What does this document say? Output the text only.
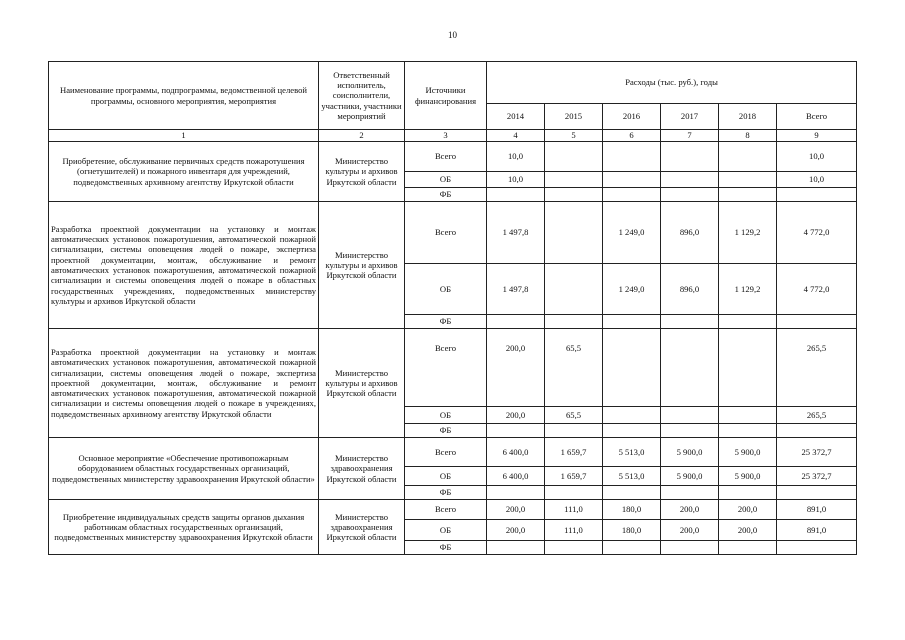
10
Наименование программы, подпрограммы, ведомственной целевой программы, основного мероприятия, мероприятия	Ответственный исполнитель, соисполнители, участники, участники мероприятий	Источники финансирования	Расходы (тыс. руб.), годы					
			2014	2015	2016	2017	2018	Всего
1	2	3	4	5	6	7	8	9
Приобретение, обслуживание первичных средств пожаротушения (огнетушителей) и пожарного инвентаря для учреждений, подведомственных архивному агентству Иркутской области	Министерство культуры и архивов Иркутской области	Всего	10,0					10,0
		ОБ	10,0					10,0
		ФБ						
Разработка проектной документации на установку и монтаж автоматических установок пожаротушения, автоматической пожарной сигнализации, системы оповещения людей о пожаре, экспертиза проектной документации, монтаж, обслуживание и ремонт автоматических установок пожаротушения, автоматической пожарной сигнализации и системы оповещения людей о пожаре в областных государственных учреждениях, подведомственных министерству культуры и архивов Иркутской области	Министерство культуры и архивов Иркутской области	Всего	1 497,8		1 249,0	896,0	1 129,2	4 772,0
		ОБ	1 497,8		1 249,0	896,0	1 129,2	4 772,0
		ФБ						
Разработка проектной документации на установку и монтаж автоматических установок пожаротушения, автоматической пожарной сигнализации, системы оповещения людей о пожаре, экспертиза проектной документации, монтаж, обслуживание и ремонт автоматических установок пожаротушения, автоматической пожарной сигнализации и системы оповещения людей о пожаре в учреждениях, подведомственных архивному агентству Иркутской области	Министерство культуры и архивов Иркутской области	Всего	200,0	65,5				265,5
		ОБ	200,0	65,5				265,5
		ФБ						
Основное мероприятие «Обеспечение противопожарным оборудованием областных государственных организаций, подведомственных министерству здравоохранения Иркутской области»	Министерство здравоохранения Иркутской области	Всего	6 400,0	1 659,7	5 513,0	5 900,0	5 900,0	25 372,7
		ОБ	6 400,0	1 659,7	5 513,0	5 900,0	5 900,0	25 372,7
		ФБ						
Приобретение индивидуальных средств защиты органов дыхания работникам областных государственных организаций, подведомственных министерству здравоохранения Иркутской области	Министерство здравоохранения Иркутской области	Всего	200,0	111,0	180,0	200,0	200,0	891,0
		ОБ	200,0	111,0	180,0	200,0	200,0	891,0
		ФБ						
